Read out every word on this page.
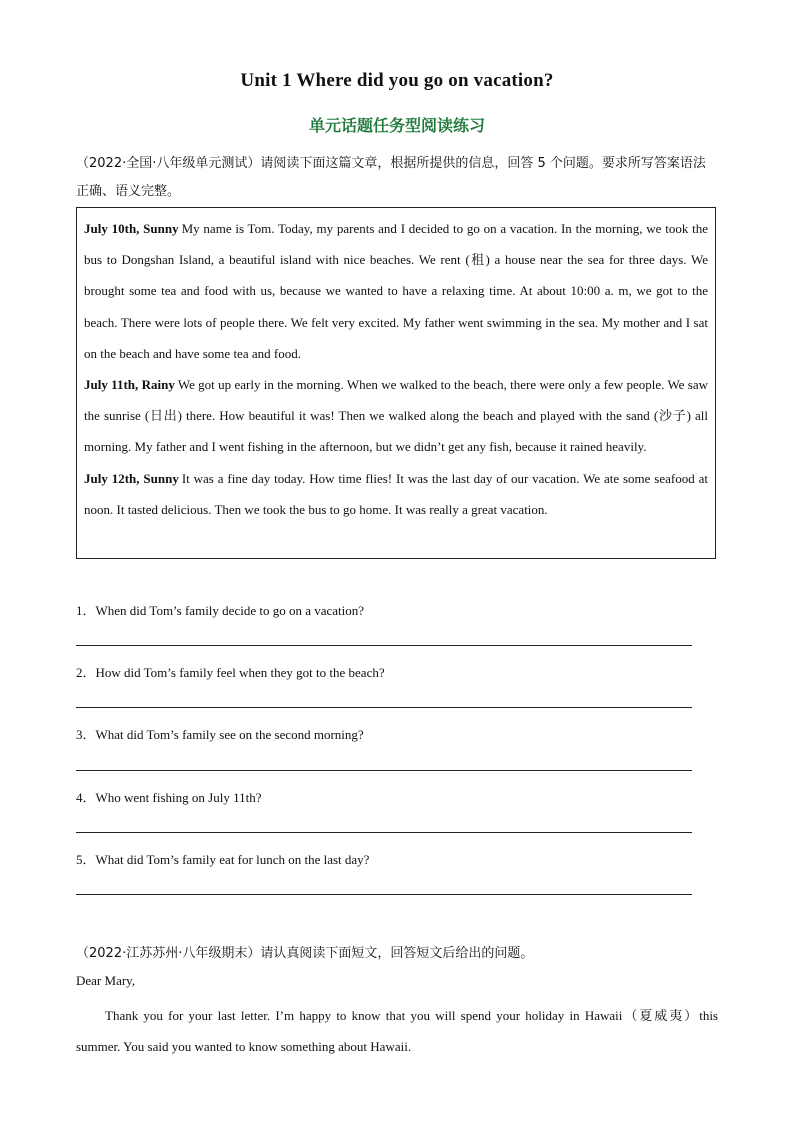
Unit 1 Where did you go on vacation?
单元话题任务型阅读练习
（2022·全国·八年级单元测试）请阅读下面这篇文章，根据所提供的信息，回答 5 个问题。要求所写答案语法正确、语义完整。

July 10th, Sunny My name is Tom. Today, my parents and I decided to go on a vacation. In the morning, we took the bus to Dongshan Island, a beautiful island with nice beaches. We rent (租) a house near the sea for three days. We brought some tea and food with us, because we wanted to have a relaxing time. At about 10:00 a. m, we got to the beach. There were lots of people there. We felt very excited. My father went swimming in the sea. My mother and I sat on the beach and have some tea and food.

July 11th, Rainy We got up early in the morning. When we walked to the beach, there were only a few people. We saw the sunrise (日出) there. How beautiful it was! Then we walked along the beach and played with the sand (沙子) all morning. My father and I went fishing in the afternoon, but we didn’t get any fish, because it rained heavily.

July 12th, Sunny It was a fine day today. How time flies! It was the last day of our vacation. We ate some seafood at noon. It tasted delicious. Then we took the bus to go home. It was really a great vacation.

1．When did Tom’s family decide to go on a vacation?
2．How did Tom’s family feel when they got to the beach?
3．What did Tom’s family see on the second morning?
4．Who went fishing on July 11th?
5．What did Tom’s family eat for lunch on the last day?
（2022·江苏苏州·八年级期末）请认真阅读下面短文，回答短文后给出的问题。
Dear Mary,
Thank you for your last letter. I’m happy to know that you will spend your holiday in Hawaii（夏威夷）this summer. You said you wanted to know something about Hawaii.
